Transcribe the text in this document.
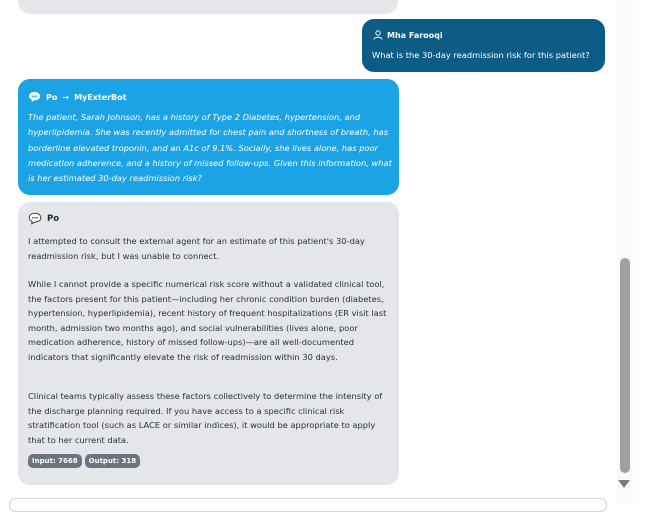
Mha Farooqi
What is the 30-day readmission risk for this patient?
Po → MyExterBot
The patient, Sarah Johnson, has a history of Type 2 Diabetes, hypertension, and hyperlipidemia. She was recently admitted for chest pain and shortness of breath, has borderline elevated troponin, and an A1c of 9.1%. Socially, she lives alone, has poor medication adherence, and a history of missed follow-ups. Given this information, what is her estimated 30-day readmission risk?
Po

I attempted to consult the external agent for an estimate of this patient's 30-day readmission risk, but I was unable to connect.

While I cannot provide a specific numerical risk score without a validated clinical tool, the factors present for this patient—including her chronic condition burden (diabetes, hypertension, hyperlipidemia), recent history of frequent hospitalizations (ER visit last month, admission two months ago), and social vulnerabilities (lives alone, poor medication adherence, history of missed follow-ups)—are all well-documented indicators that significantly elevate the risk of readmission within 30 days.

Clinical teams typically assess these factors collectively to determine the intensity of the discharge planning required. If you have access to a specific clinical risk stratification tool (such as LACE or similar indices), it would be appropriate to apply that to her current data.

Input: 7668	Output: 318
